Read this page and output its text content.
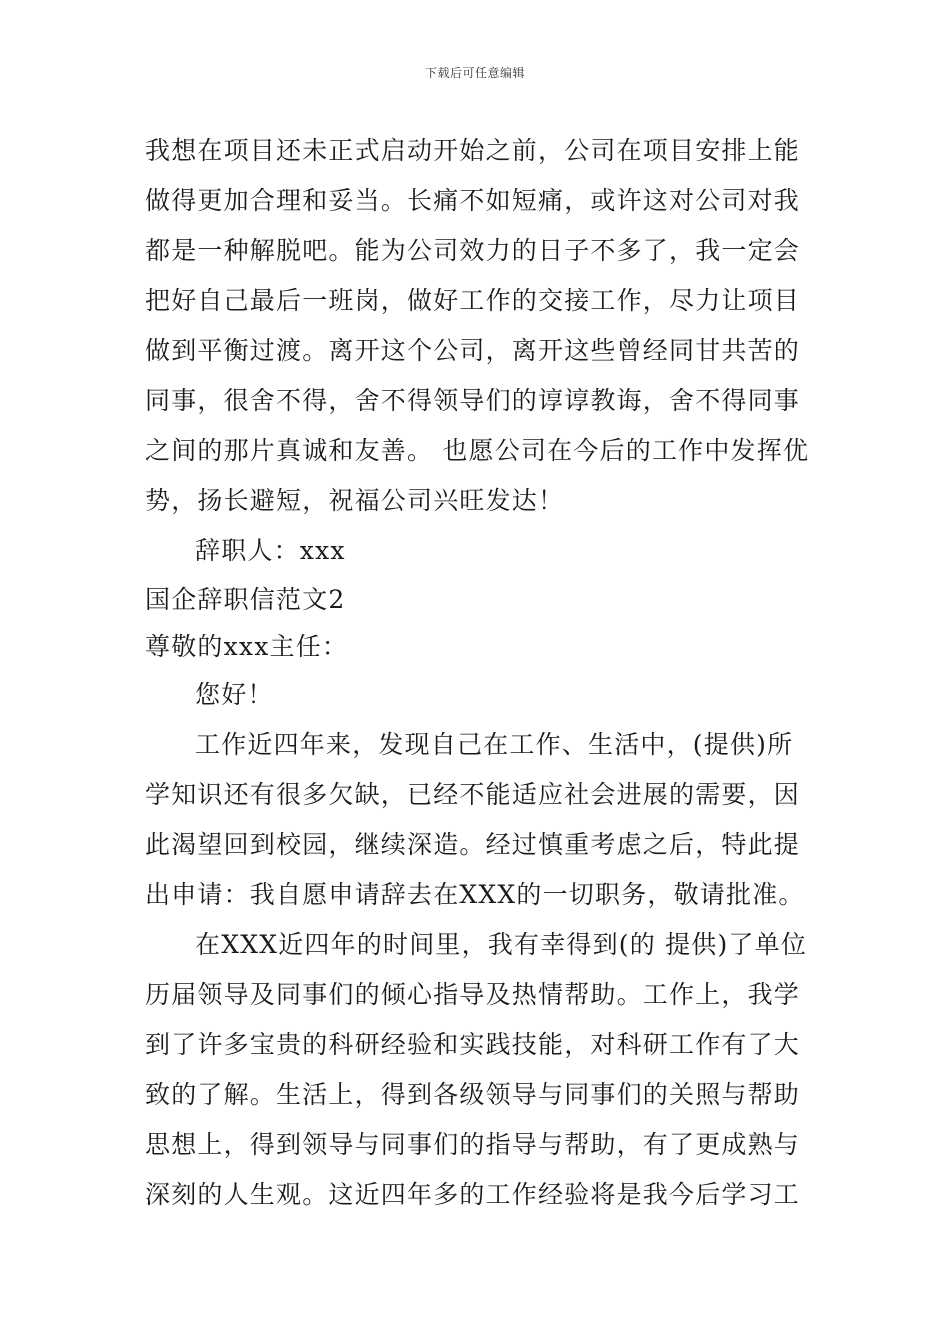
下载后可任意编辑
我想在项目还未正式启动开始之前，公司在项目安排上能
做得更加合理和妥当。长痛不如短痛，或许这对公司对我
都是一种解脱吧。能为公司效力的日子不多了，我一定会
把好自己最后一班岗，做好工作的交接工作，尽力让项目
做到平衡过渡。离开这个公司，离开这些曾经同甘共苦的
同事，很舍不得，舍不得领导们的谆谆教诲，舍不得同事
之间的那片真诚和友善。 也愿公司在今后的工作中发挥优
势，扬长避短，祝福公司兴旺发达！
辞职人：xxx
国企辞职信范文2
尊敬的xxx主任：
您好！
工作近四年来，发现自己在工作、生活中，(提供)所
学知识还有很多欠缺，已经不能适应社会进展的需要，因
此渴望回到校园，继续深造。经过慎重考虑之后，特此提
出申请：我自愿申请辞去在XXX的一切职务，敬请批准。
在XXX近四年的时间里，我有幸得到(的 提供)了单位
历届领导及同事们的倾心指导及热情帮助。工作上，我学
到了许多宝贵的科研经验和实践技能，对科研工作有了大
致的了解。生活上，得到各级领导与同事们的关照与帮助
思想上，得到领导与同事们的指导与帮助，有了更成熟与
深刻的人生观。这近四年多的工作经验将是我今后学习工
